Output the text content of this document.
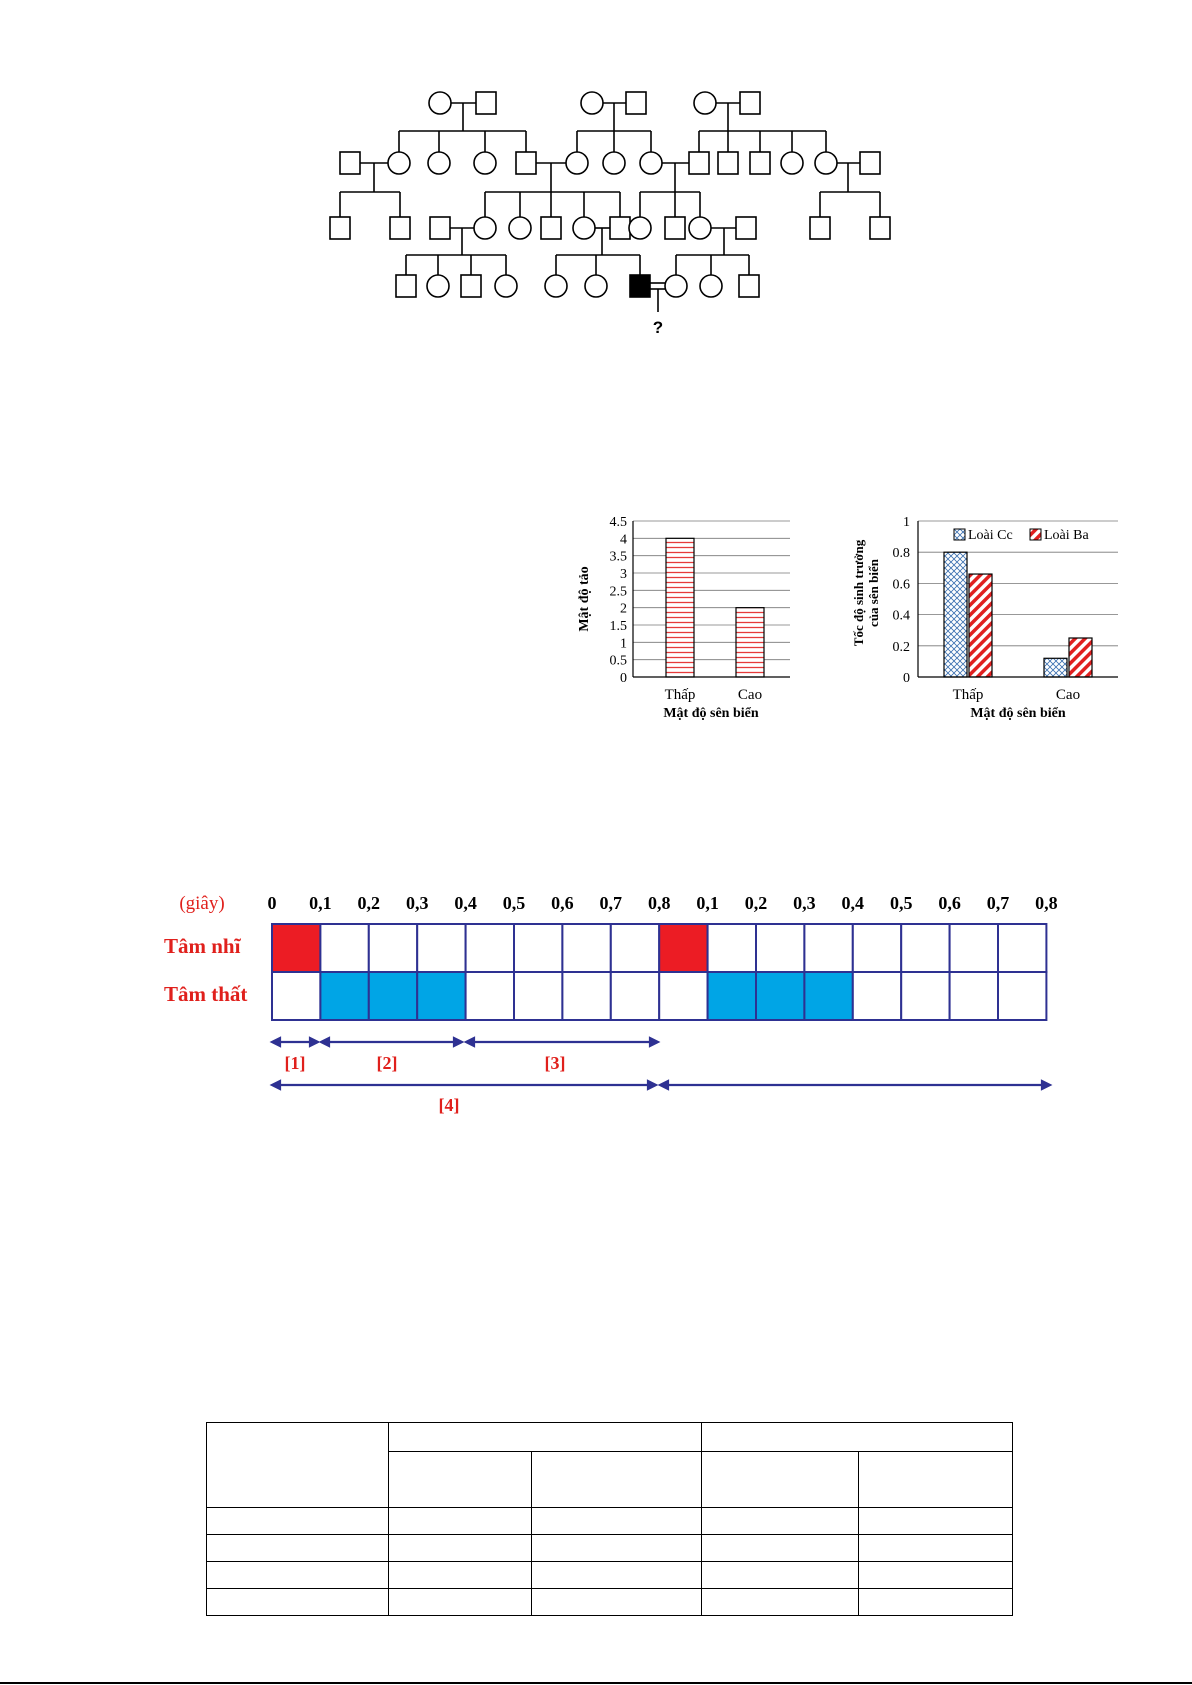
?
0
0.5
1
1.5
2
2.5
3
3.5
4
4.5
Thấp	Cao
Mật độ sên biển
Mật độ tảo
0
0.2
0.4
0.6
0.8
1
Thấp	Cao
Loài Cc Loài Ba
Mật độ sên biển
Tốc độ sinh trưởng của sên biển
(giây) 0 0,1 0,2 0,3 0,4 0,5 0,6 0,7 0,8 0,1 0,2 0,3 0,4 0,5 0,6 0,7 0,8
Tâm nhĩ
Tâm thất
[1]	[2]	[3]
[4]
